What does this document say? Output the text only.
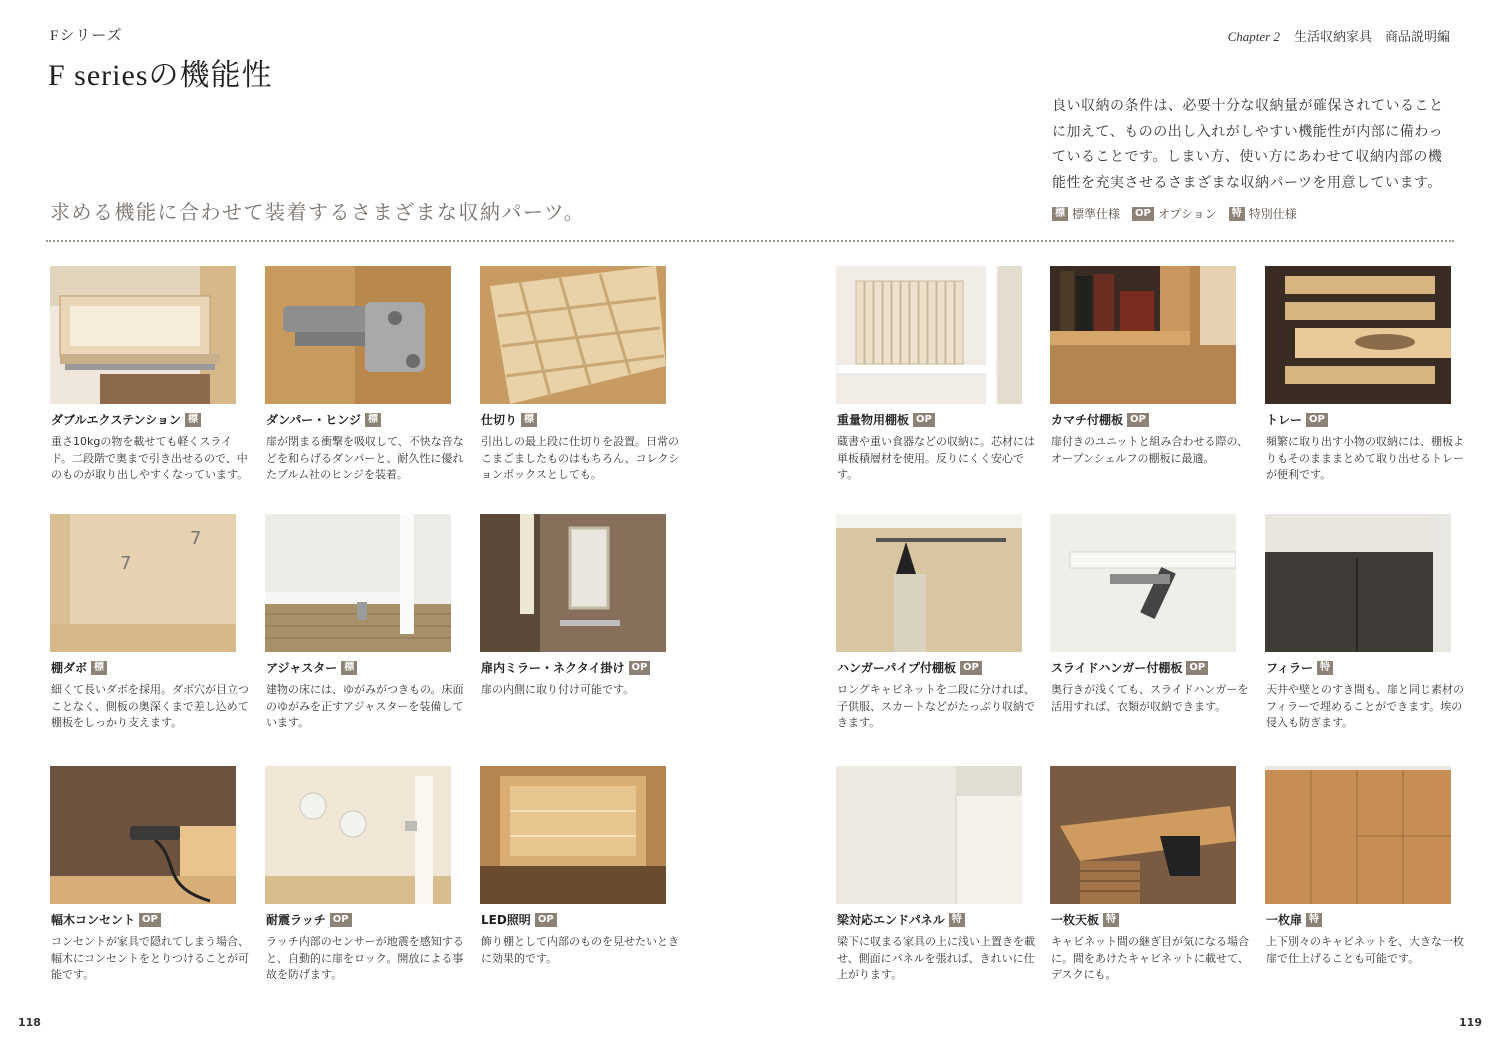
Fシリーズ
F seriesの機能性
Chapter 2 生活収納家具　商品説明編
良い収納の条件は、必要十分な収納量が確保されていることに加えて、ものの出し入れがしやすい機能性が内部に備わっていることです。しまい方、使い方にあわせて収納内部の機能性を充実させるさまざまな収納パーツを用意しています。
標 標準仕様	OP オプション	特 特別仕様
求める機能に合わせて装着するさまざまな収納パーツ。
ダブルエクステンション 標
重さ10kgの物を載せても軽くスライド。二段階で奥まで引き出せるので、中のものが取り出しやすくなっています。
ダンパー・ヒンジ 標
扉が閉まる衝撃を吸収して、不快な音などを和らげるダンパーと、耐久性に優れたブルム社のヒンジを装着。
仕切り 標
引出しの最上段に仕切りを設置。日常のこまごましたものはもちろん、コレクションボックスとしても。
7
7
棚ダボ 標
細くて長いダボを採用。ダボ穴が目立つことなく、側板の奥深くまで差し込めて棚板をしっかり支えます。
アジャスター 標
建物の床には、ゆがみがつきもの。床面のゆがみを正すアジャスターを装備しています。
扉内ミラー・ネクタイ掛け OP
扉の内側に取り付け可能です。
幅木コンセント OP
コンセントが家具で隠れてしまう場合、幅木にコンセントをとりつけることが可能です。
耐震ラッチ OP
ラッチ内部のセンサーが地震を感知すると、自動的に扉をロック。開放による事故を防げます。
LED照明 OP
飾り棚として内部のものを見せたいときに効果的です。
重量物用棚板 OP
蔵書や重い食器などの収納に。芯材には単板積層材を使用。反りにくく安心です。
カマチ付棚板 OP
扉付きのユニットと組み合わせる際の、オープンシェルフの棚板に最適。
トレー OP
頻繁に取り出す小物の収納には、棚板よりもそのまままとめて取り出せるトレーが便利です。
ハンガーパイプ付棚板 OP
ロングキャビネットを二段に分ければ、子供服、スカートなどがたっぷり収納できます。
スライドハンガー付棚板 OP
奥行きが浅くても、スライドハンガーを活用すれば、衣類が収納できます。
フィラー 特
天井や壁とのすき間も、扉と同じ素材のフィラーで埋めることができます。埃の侵入も防ぎます。
梁対応エンドパネル 特
梁下に収まる家具の上に浅い上置きを載せ、側面にパネルを張れば、きれいに仕上がります。
一枚天板 特
キャビネット間の継ぎ目が気になる場合に。間をあけたキャビネットに載せて、デスクにも。
一枚扉 特
上下別々のキャビネットを、大きな一枚扉で仕上げることも可能です。
118	119
